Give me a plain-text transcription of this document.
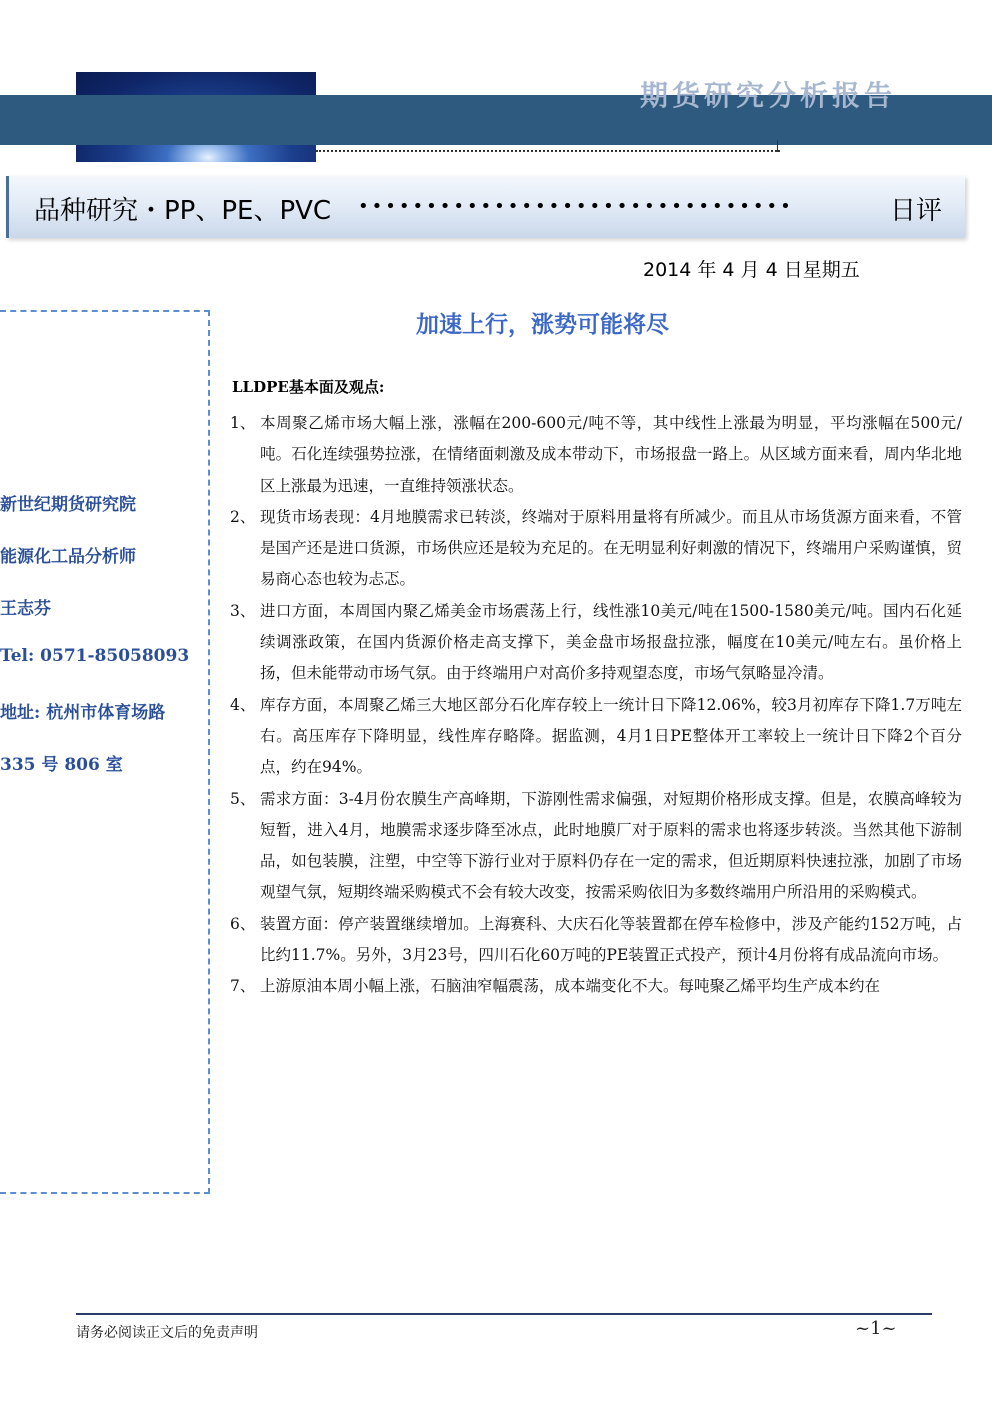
期货研究分析报告
品种研究・PP、PE、PVC ••••••••••••••••••••••••••••••••	日评
2014 年 4 月 4 日星期五
新世纪期货研究院
能源化工品分析师
王志芬
Tel: 0571-85058093
地址: 杭州市体育场路
335 号 806 室
加速上行，涨势可能将尽
LLDPE基本面及观点:
1、 本周聚乙烯市场大幅上涨，涨幅在200-600元/吨不等，其中线性上涨最为明显，平均涨幅在500元/吨。石化连续强势拉涨，在情绪面刺激及成本带动下，市场报盘一路上。从区域方面来看，周内华北地区上涨最为迅速，一直维持领涨状态。
2、 现货市场表现：4月地膜需求已转淡，终端对于原料用量将有所减少。而且从市场货源方面来看，不管是国产还是进口货源，市场供应还是较为充足的。在无明显利好刺激的情况下，终端用户采购谨慎，贸易商心态也较为忐忑。
3、 进口方面，本周国内聚乙烯美金市场震荡上行，线性涨10美元/吨在1500-1580美元/吨。国内石化延续调涨政策，在国内货源价格走高支撑下，美金盘市场报盘拉涨，幅度在10美元/吨左右。虽价格上扬，但未能带动市场气氛。由于终端用户对高价多持观望态度，市场气氛略显冷清。
4、 库存方面，本周聚乙烯三大地区部分石化库存较上一统计日下降12.06%，较3月初库存下降1.7万吨左右。高压库存下降明显，线性库存略降。据监测，4月1日PE整体开工率较上一统计日下降2个百分点，约在94%。
5、 需求方面：3-4月份农膜生产高峰期，下游刚性需求偏强，对短期价格形成支撑。但是，农膜高峰较为短暂，进入4月，地膜需求逐步降至冰点，此时地膜厂对于原料的需求也将逐步转淡。当然其他下游制品，如包装膜，注塑，中空等下游行业对于原料仍存在一定的需求，但近期原料快速拉涨，加剧了市场观望气氛，短期终端采购模式不会有较大改变，按需采购依旧为多数终端用户所沿用的采购模式。
6、 装置方面：停产装置继续增加。上海赛科、大庆石化等装置都在停车检修中，涉及产能约152万吨，占比约11.7%。另外，3月23号，四川石化60万吨的PE装置正式投产，预计4月份将有成品流向市场。
7、 上游原油本周小幅上涨，石脑油窄幅震荡，成本端变化不大。每吨聚乙烯平均生产成本约在
请务必阅读正文后的免责声明	~1~
